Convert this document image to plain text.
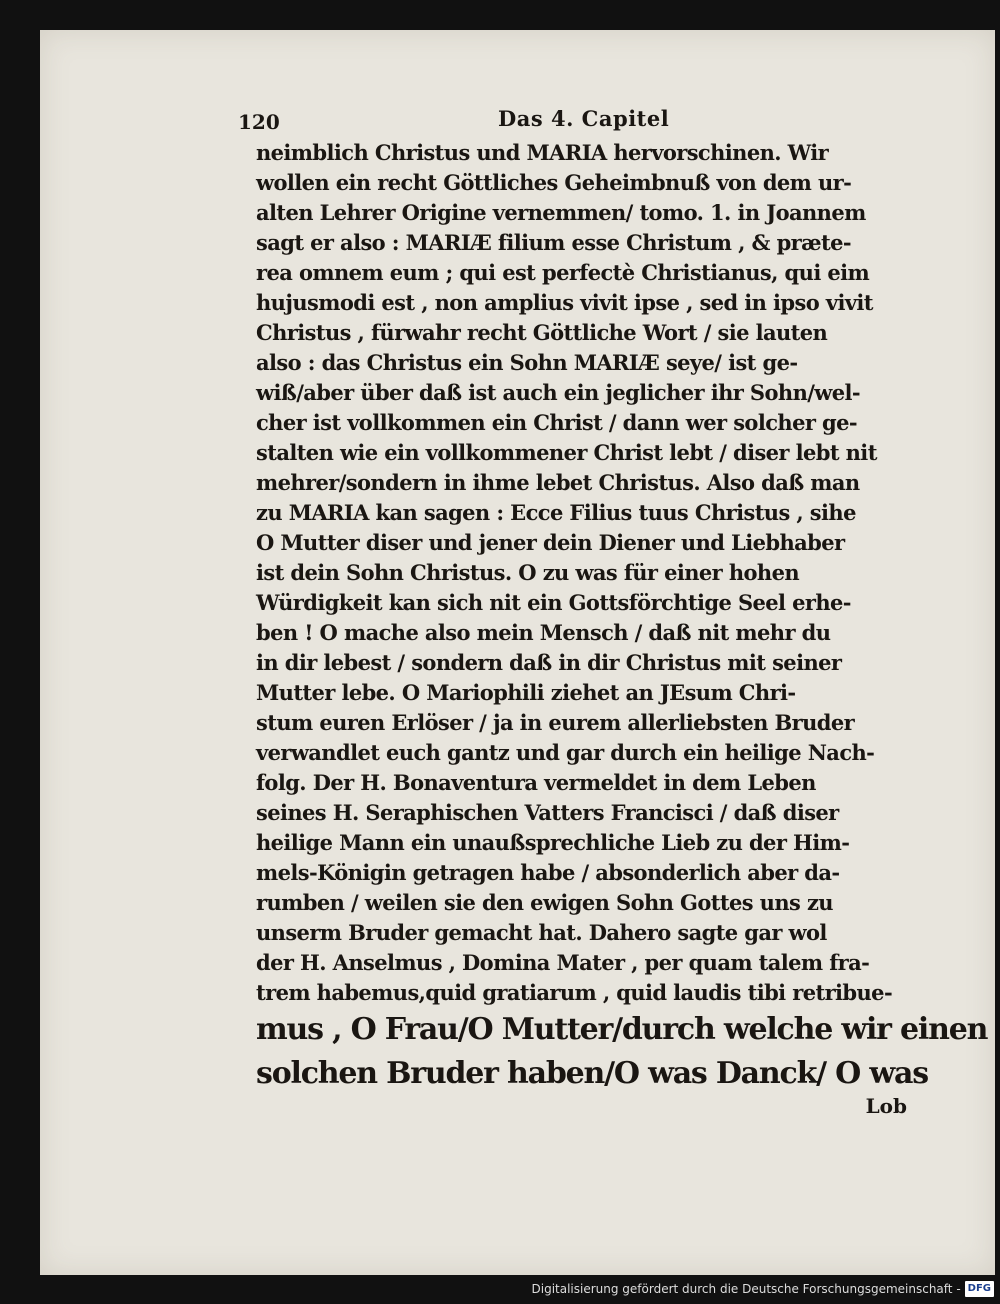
120	Das 4. Capitel
neimblich Christus und MARIA hervorschinen. Wir
wollen ein recht Göttliches Geheimbnuß von dem ur-
alten Lehrer Origine vernemmen/ tomo. 1. in Joannem
sagt er also : MARIÆ filium esse Christum , & præte-
rea omnem eum ; qui est perfectè Christianus, qui eim
hujusmodi est , non amplius vivit ipse , sed in ipso vivit
Christus , fürwahr recht Göttliche Wort / sie lauten
also : das Christus ein Sohn MARIÆ seye/ ist ge-
wiß/aber über daß ist auch ein jeglicher ihr Sohn/wel-
cher ist vollkommen ein Christ / dann wer solcher ge-
stalten wie ein vollkommener Christ lebt / diser lebt nit
mehrer/sondern in ihme lebet Christus. Also daß man
zu MARIA kan sagen : Ecce Filius tuus Christus , sihe
O Mutter diser und jener dein Diener und Liebhaber
ist dein Sohn Christus. O zu was für einer hohen
Würdigkeit kan sich nit ein Gottsförchtige Seel erhe-
ben ! O mache also mein Mensch / daß nit mehr du
in dir lebest / sondern daß in dir Christus mit seiner
Mutter lebe. O Mariophili ziehet an JEsum Chri-
stum euren Erlöser / ja in eurem allerliebsten Bruder
verwandlet euch gantz und gar durch ein heilige Nach-
folg. Der H. Bonaventura vermeldet in dem Leben
seines H. Seraphischen Vatters Francisci / daß diser
heilige Mann ein unaußsprechliche Lieb zu der Him-
mels-Königin getragen habe / absonderlich aber da-
rumben / weilen sie den ewigen Sohn Gottes uns zu
unserm Bruder gemacht hat. Dahero sagte gar wol
der H. Anselmus , Domina Mater , per quam talem fra-
trem habemus,quid gratiarum , quid laudis tibi retribue-
mus , O Frau/O Mutter/durch welche wir einen
solchen Bruder haben/O was Danck/ O was
Lob
Digitalisierung gefördert durch die Deutsche Forschungsgemeinschaft - DFG
